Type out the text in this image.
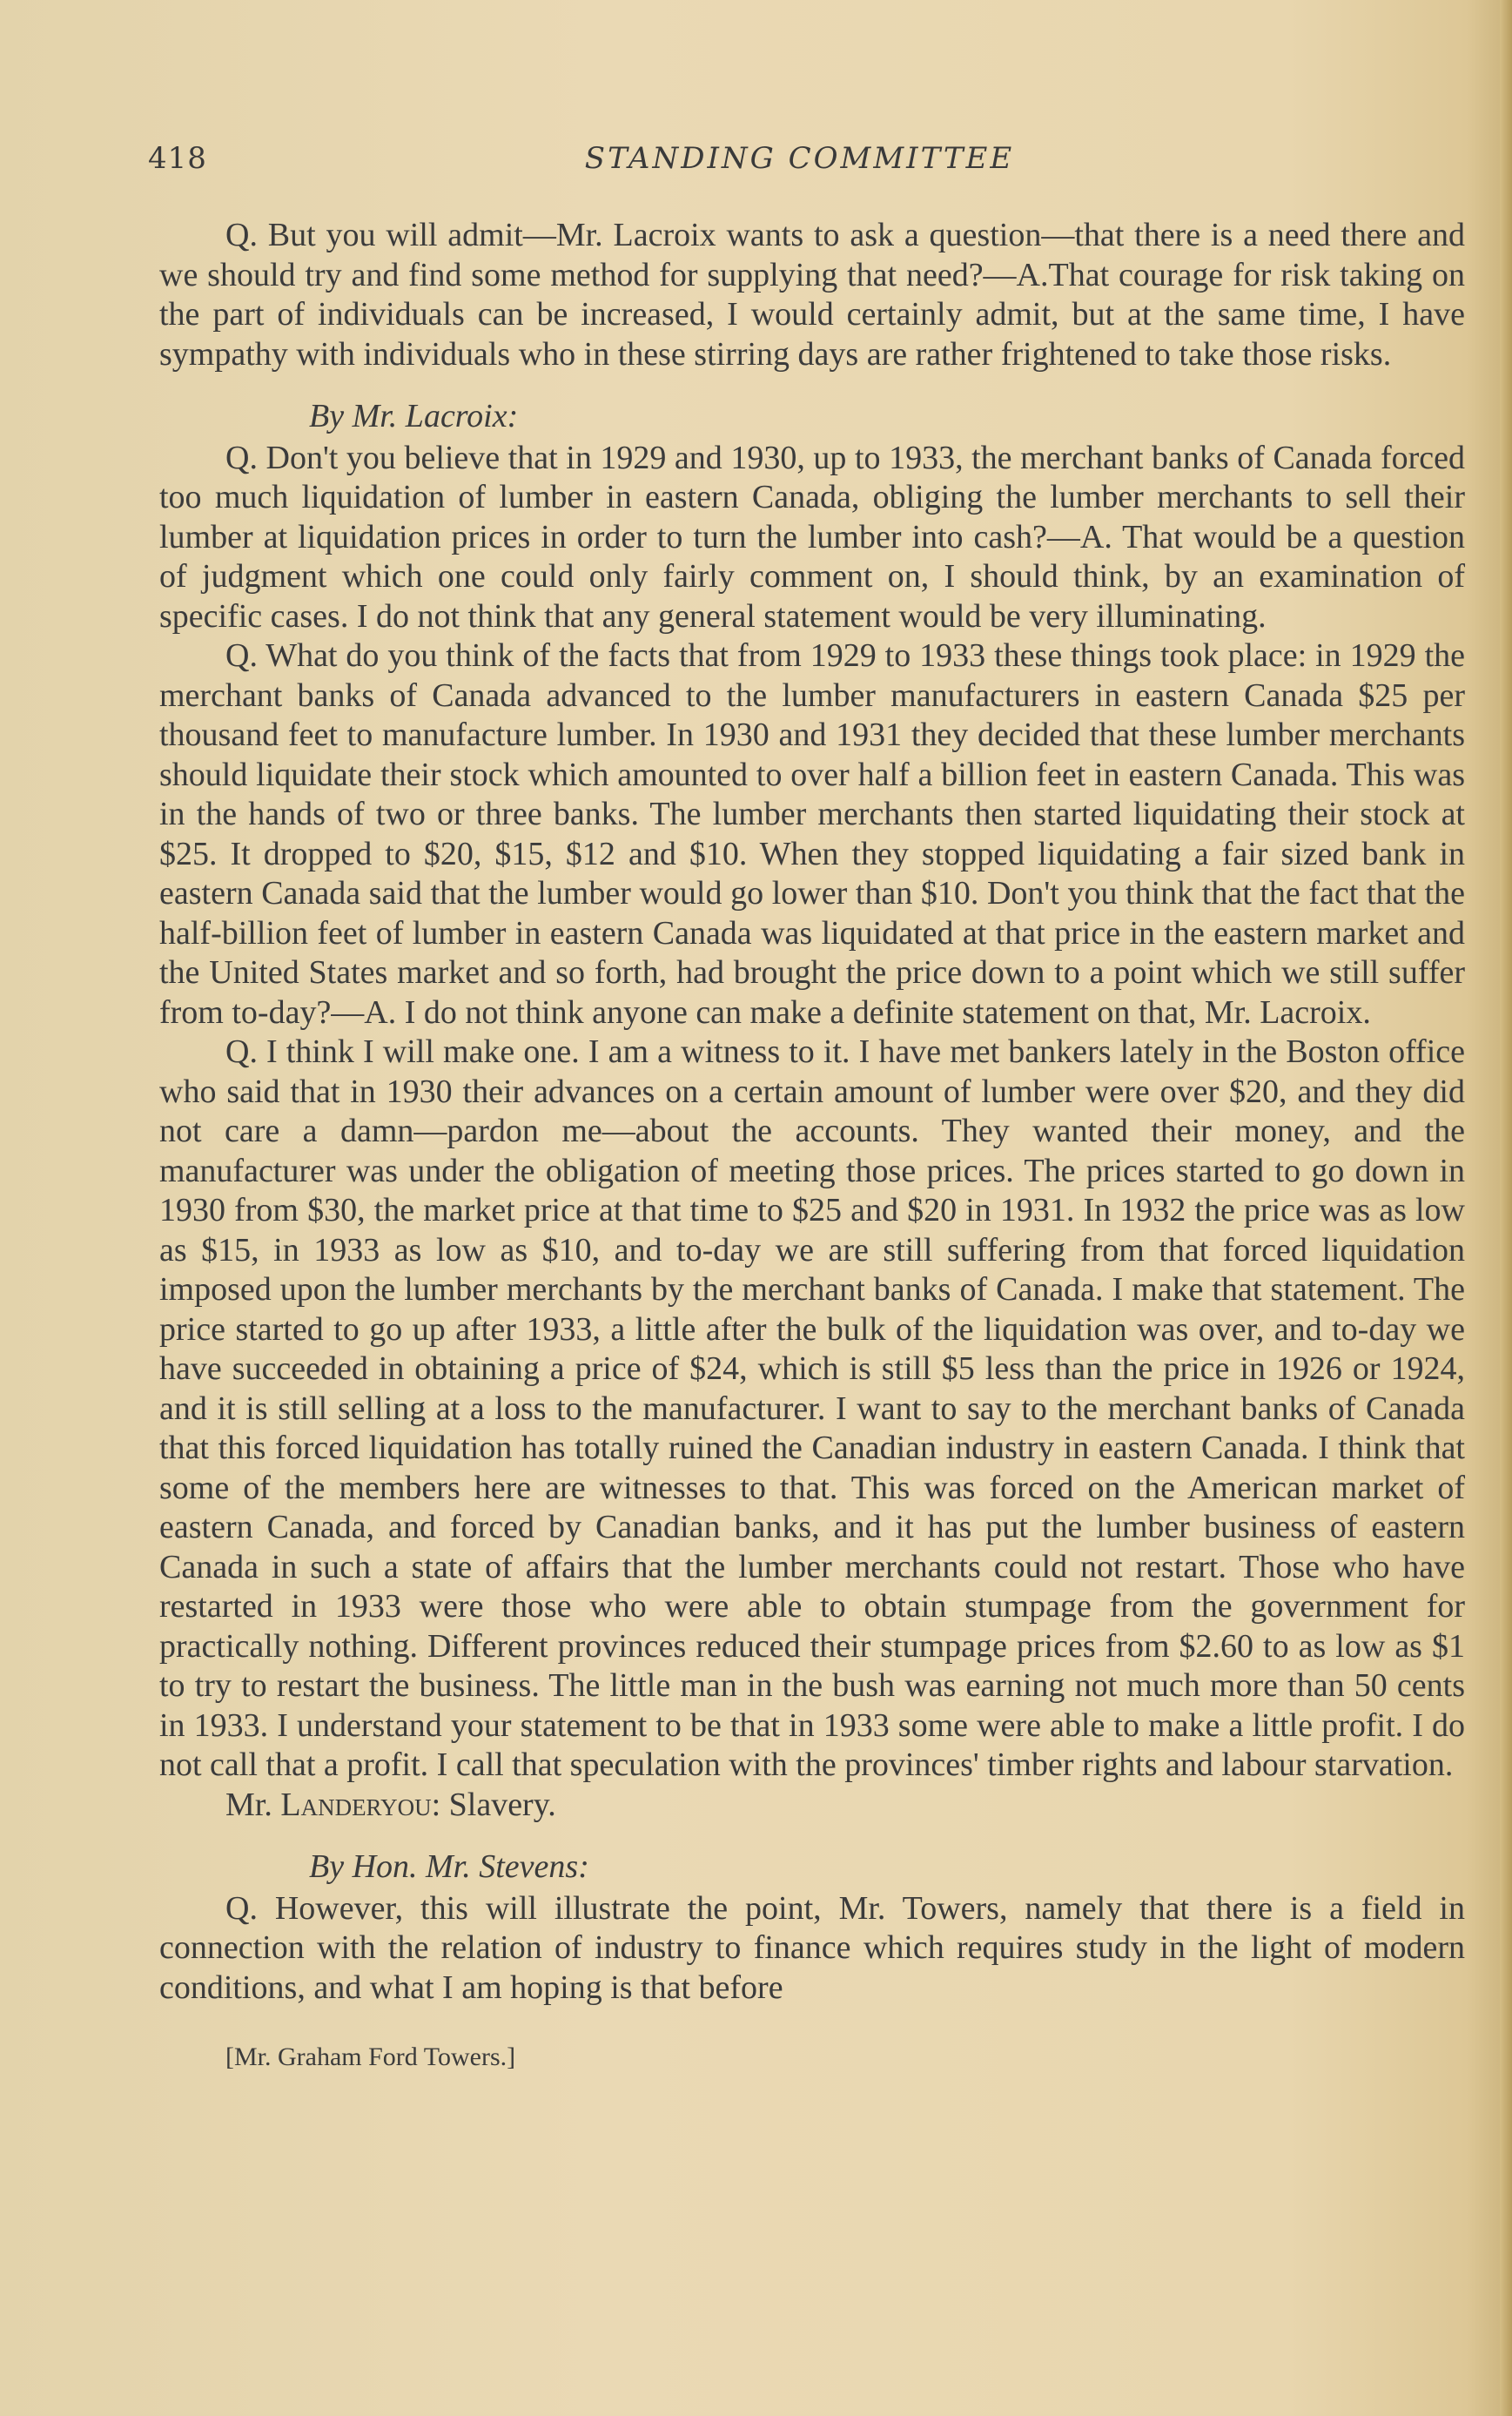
418	STANDING COMMITTEE

Q. But you will admit—Mr. Lacroix wants to ask a question—that there is a need there and we should try and find some method for supplying that need?—A.That courage for risk taking on the part of individuals can be increased, I would certainly admit, but at the same time, I have sympathy with individuals who in these stirring days are rather frightened to take those risks.

By Mr. Lacroix:

Q. Don't you believe that in 1929 and 1930, up to 1933, the merchant banks of Canada forced too much liquidation of lumber in eastern Canada, obliging the lumber merchants to sell their lumber at liquidation prices in order to turn the lumber into cash?—A. That would be a question of judgment which one could only fairly comment on, I should think, by an examination of specific cases. I do not think that any general statement would be very illuminating.

Q. What do you think of the facts that from 1929 to 1933 these things took place: in 1929 the merchant banks of Canada advanced to the lumber manufacturers in eastern Canada $25 per thousand feet to manufacture lumber. In 1930 and 1931 they decided that these lumber merchants should liquidate their stock which amounted to over half a billion feet in eastern Canada. This was in the hands of two or three banks. The lumber merchants then started liquidating their stock at $25. It dropped to $20, $15, $12 and $10. When they stopped liquidating a fair sized bank in eastern Canada said that the lumber would go lower than $10. Don't you think that the fact that the half-billion feet of lumber in eastern Canada was liquidated at that price in the eastern market and the United States market and so forth, had brought the price down to a point which we still suffer from to-day?—A. I do not think anyone can make a definite statement on that, Mr. Lacroix.

Q. I think I will make one. I am a witness to it. I have met bankers lately in the Boston office who said that in 1930 their advances on a certain amount of lumber were over $20, and they did not care a damn—pardon me—about the accounts. They wanted their money, and the manufacturer was under the obligation of meeting those prices. The prices started to go down in 1930 from $30, the market price at that time to $25 and $20 in 1931. In 1932 the price was as low as $15, in 1933 as low as $10, and to-day we are still suffering from that forced liquidation imposed upon the lumber merchants by the merchant banks of Canada. I make that statement. The price started to go up after 1933, a little after the bulk of the liquidation was over, and to-day we have succeeded in obtaining a price of $24, which is still $5 less than the price in 1926 or 1924, and it is still selling at a loss to the manufacturer. I want to say to the merchant banks of Canada that this forced liquidation has totally ruined the Canadian industry in eastern Canada. I think that some of the members here are witnesses to that. This was forced on the American market of eastern Canada, and forced by Canadian banks, and it has put the lumber business of eastern Canada in such a state of affairs that the lumber merchants could not restart. Those who have restarted in 1933 were those who were able to obtain stumpage from the government for practically nothing. Different provinces reduced their stumpage prices from $2.60 to as low as $1 to try to restart the business. The little man in the bush was earning not much more than 50 cents in 1933. I understand your statement to be that in 1933 some were able to make a little profit. I do not call that a profit. I call that speculation with the provinces' timber rights and labour starvation.

Mr. Landeryou: Slavery.

By Hon. Mr. Stevens:

Q. However, this will illustrate the point, Mr. Towers, namely that there is a field in connection with the relation of industry to finance which requires study in the light of modern conditions, and what I am hoping is that before

[Mr. Graham Ford Towers.]
